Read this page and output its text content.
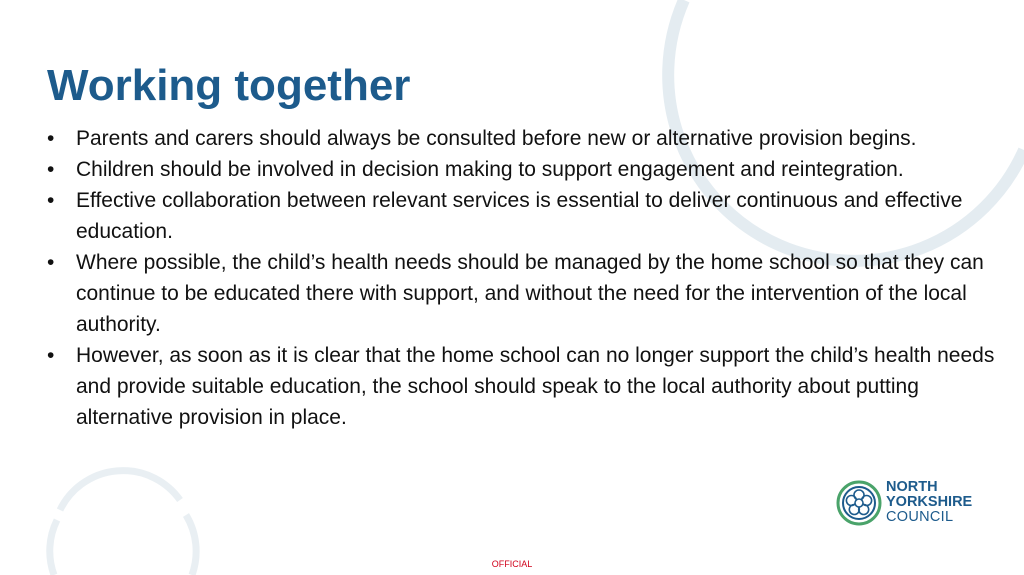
Working together
• Parents and carers should always be consulted before new or alternative provision begins.
• Children should be involved in decision making to support engagement and reintegration.
• Effective collaboration between relevant services is essential to deliver continuous and effective education.
• Where possible, the child’s health needs should be managed by the home school so that they can continue to be educated there with support, and without the need for the intervention of the local authority.
• However, as soon as it is clear that the home school can no longer support the child’s health needs and provide suitable education, the school should speak to the local authority about putting alternative provision in place.
NORTH
YORKSHIRE
COUNCIL
OFFICIAL
